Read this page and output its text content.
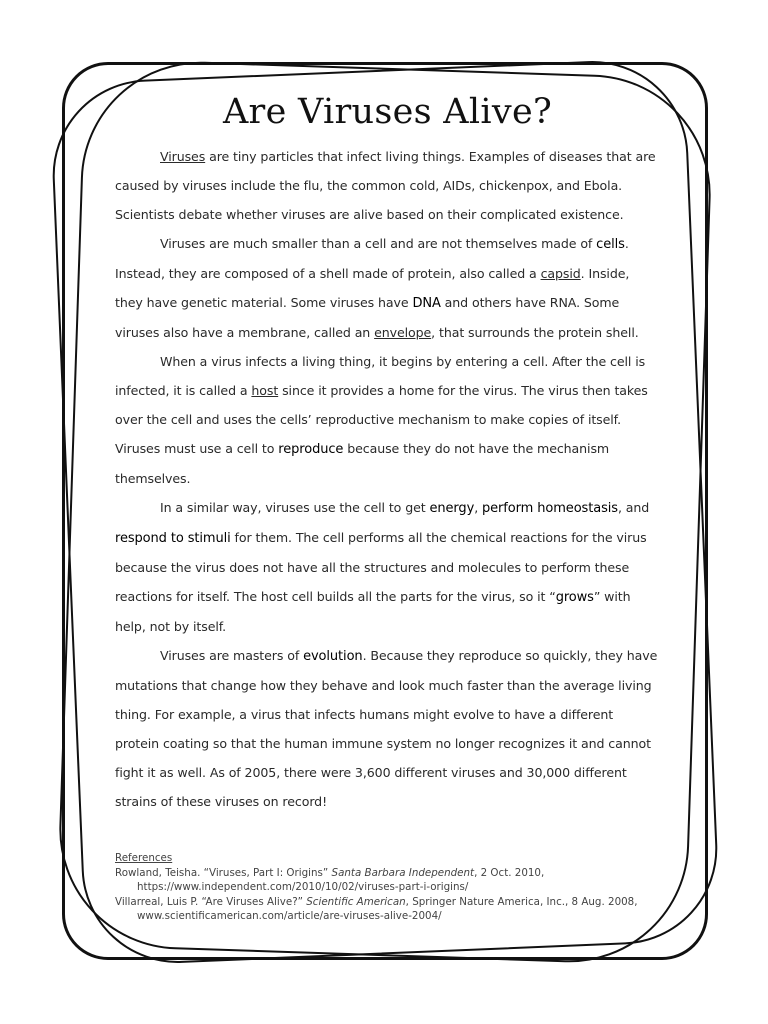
Are Viruses Alive?

Viruses are tiny particles that infect living things. Examples of diseases that are caused by viruses include the flu, the common cold, AIDs, chickenpox, and Ebola. Scientists debate whether viruses are alive based on their complicated existence.

Viruses are much smaller than a cell and are not themselves made of cells. Instead, they are composed of a shell made of protein, also called a capsid. Inside, they have genetic material. Some viruses have DNA and others have RNA. Some viruses also have a membrane, called an envelope, that surrounds the protein shell.

When a virus infects a living thing, it begins by entering a cell. After the cell is infected, it is called a host since it provides a home for the virus. The virus then takes over the cell and uses the cells’ reproductive mechanism to make copies of itself. Viruses must use a cell to reproduce because they do not have the mechanism themselves.

In a similar way, viruses use the cell to get energy, perform homeostasis, and respond to stimuli for them. The cell performs all the chemical reactions for the virus because the virus does not have all the structures and molecules to perform these reactions for itself. The host cell builds all the parts for the virus, so it “grows” with help, not by itself.

Viruses are masters of evolution. Because they reproduce so quickly, they have mutations that change how they behave and look much faster than the average living thing. For example, a virus that infects humans might evolve to have a different protein coating so that the human immune system no longer recognizes it and cannot fight it as well. As of 2005, there were 3,600 different viruses and 30,000 different strains of these viruses on record!

References
Rowland, Teisha. “Viruses, Part I: Origins” Santa Barbara Independent, 2 Oct. 2010, https://www.independent.com/2010/10/02/viruses-part-i-origins/
Villarreal, Luis P. “Are Viruses Alive?” Scientific American, Springer Nature America, Inc., 8 Aug. 2008, www.scientificamerican.com/article/are-viruses-alive-2004/
